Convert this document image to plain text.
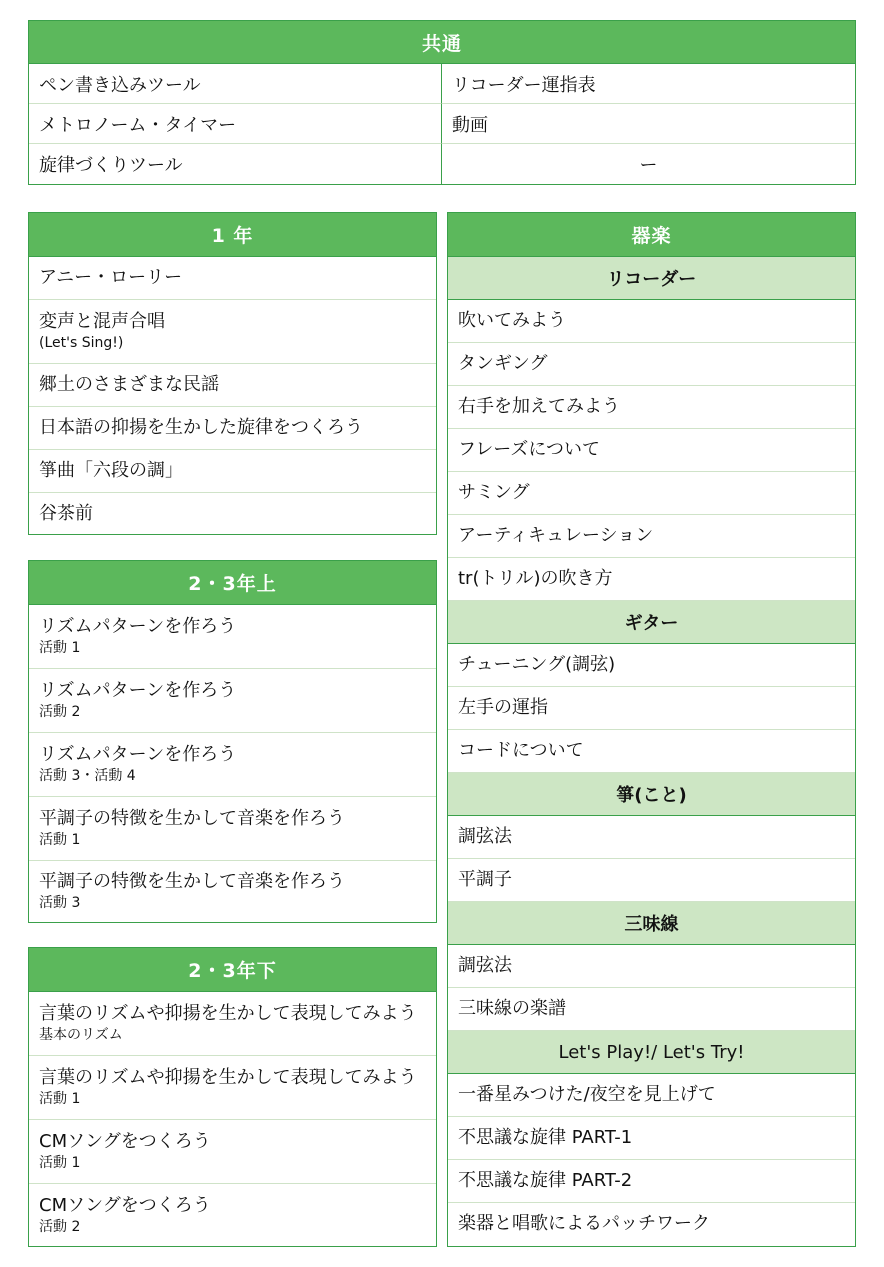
共通
ペン書き込みツール	リコーダー運指表
メトロノーム・タイマー	動画
旋律づくりツール	ー
1 年
アニー・ローリー
変声と混声合唱
(Let's Sing!)
郷土のさまざまな民謡
日本語の抑揚を生かした旋律をつくろう
箏曲「六段の調」
谷茶前
2・3年上
リズムパターンを作ろう
活動 1
リズムパターンを作ろう
活動 2
リズムパターンを作ろう
活動 3・活動 4
平調子の特徴を生かして音楽を作ろう
活動 1
平調子の特徴を生かして音楽を作ろう
活動 3
2・3年下
言葉のリズムや抑揚を生かして表現してみよう
基本のリズム
言葉のリズムや抑揚を生かして表現してみよう
活動 1
CMソングをつくろう
活動 1
CMソングをつくろう
活動 2
器楽
リコーダー
吹いてみよう
タンギング
右手を加えてみよう
フレーズについて
サミング
アーティキュレーション
tr(トリル)の吹き方
ギター
チューニング(調弦)
左手の運指
コードについて
箏(こと)
調弦法
平調子
三味線
調弦法
三味線の楽譜
Let's Play!/ Let's Try!
一番星みつけた/夜空を見上げて
不思議な旋律 PART-1
不思議な旋律 PART-2
楽器と唱歌によるパッチワーク
